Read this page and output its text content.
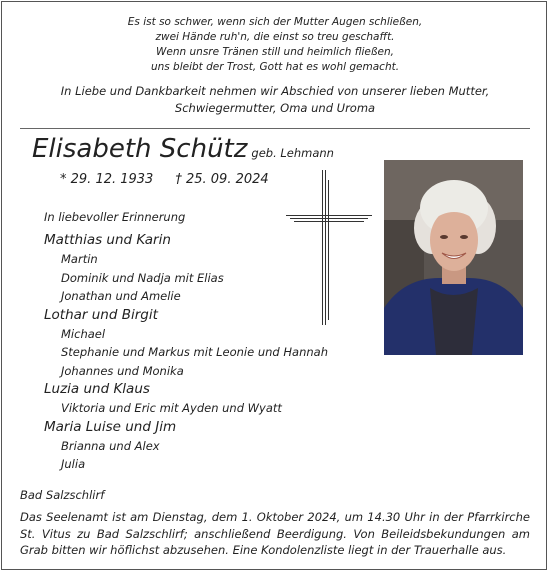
Es ist so schwer, wenn sich der Mutter Augen schließen,
zwei Hände ruh'n, die einst so treu geschafft.
Wenn unsre Tränen still und heimlich fließen,
uns bleibt der Trost, Gott hat es wohl gemacht.
In Liebe und Dankbarkeit nehmen wir Abschied von unserer lieben Mutter,
Schwiegermutter, Oma und Uroma
Elisabeth Schütz geb. Lehmann
* 29. 12. 1933 † 25. 09. 2024
In liebevoller Erinnerung
Matthias und Karin
Martin
Dominik und Nadja mit Elias
Jonathan und Amelie
Lothar und Birgit
Michael
Stephanie und Markus mit Leonie und Hannah
Johannes und Monika
Luzia und Klaus
Viktoria und Eric mit Ayden und Wyatt
Maria Luise und Jim
Brianna und Alex
Julia
Bad Salzschlirf
Das Seelenamt ist am Dienstag, dem 1. Oktober 2024, um 14.30 Uhr in der Pfarrkirche St. Vitus zu Bad Salzschlirf; anschließend Beerdigung. Von Beileidsbekundungen am Grab bitten wir höflichst abzusehen. Eine Kondolenzliste liegt in der Trauerhalle aus.
